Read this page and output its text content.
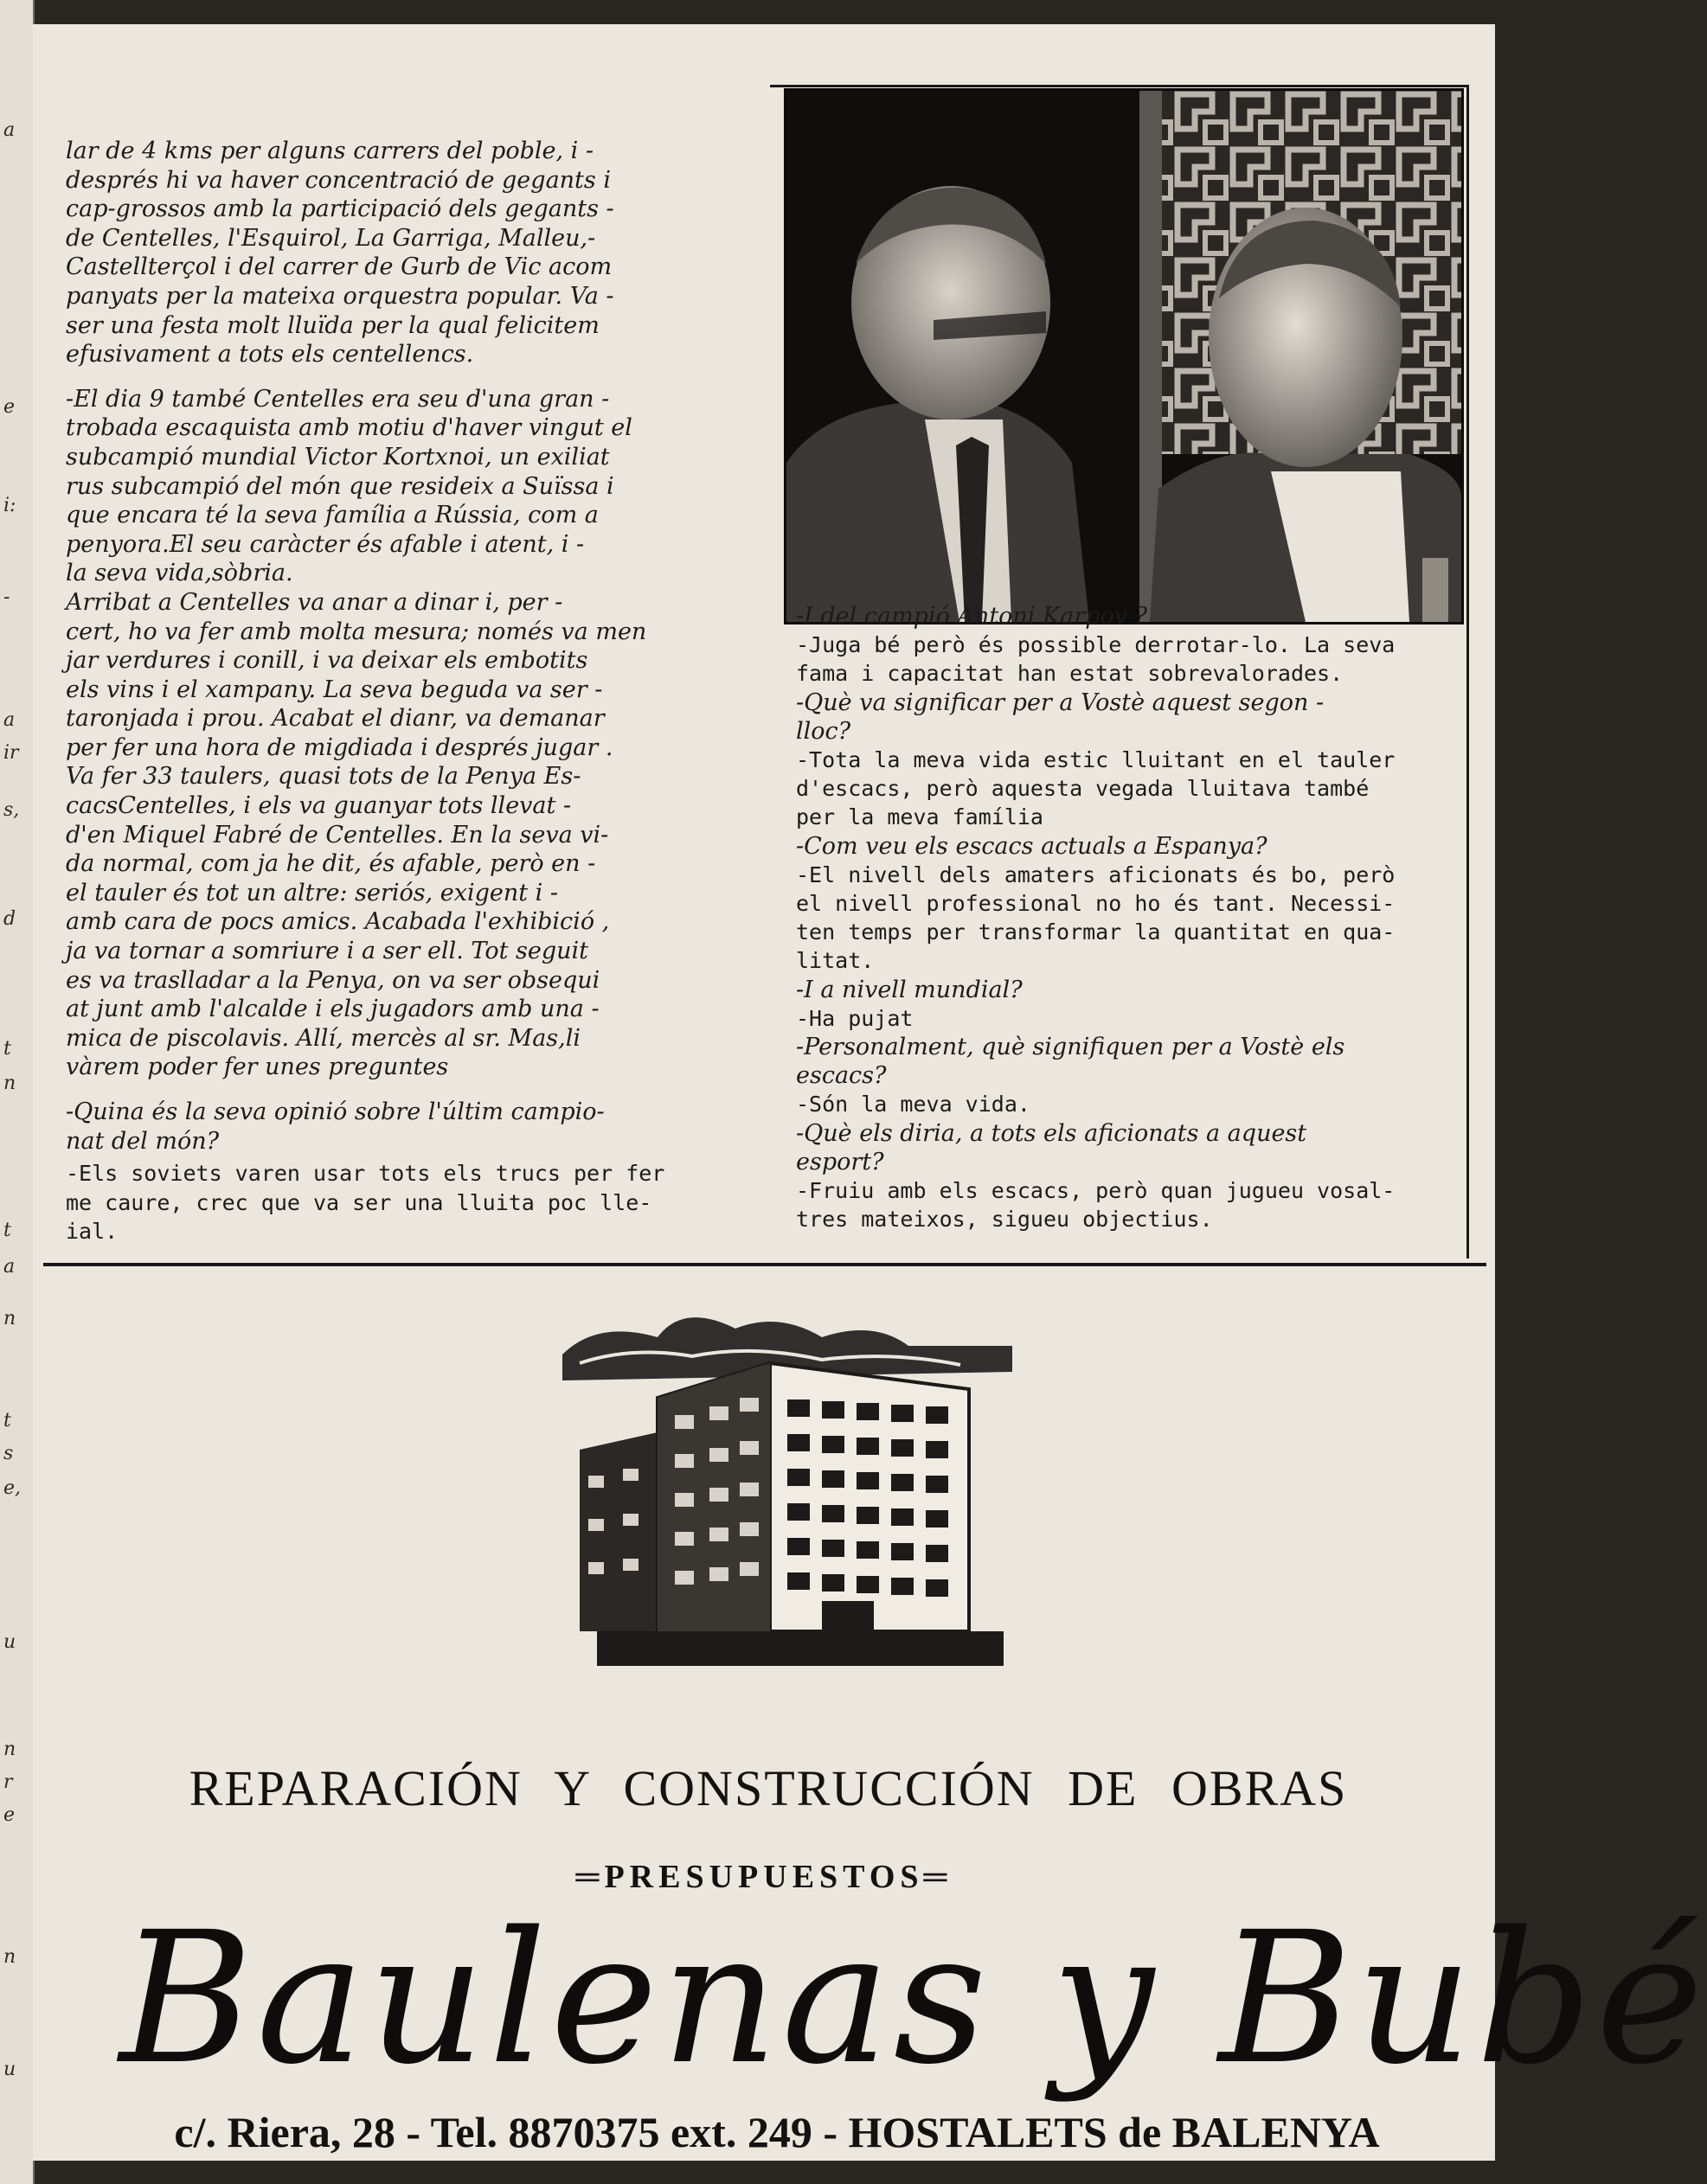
a
e
i:
-
a
ir
s,
d
t
n
t
a
n
t
s
e,
u
n
r
e
n
u

lar de 4 kms per alguns carrers del poble, i -
després hi va haver concentració de gegants i
cap-grossos amb la participació dels gegants -
de Centelles, l'Esquirol, La Garriga, Malleu,-
Castellterçol i del carrer de Gurb de Vic acom
panyats per la mateixa orquestra popular. Va -
ser una festa molt lluïda per la qual felicitem
efusivament a tots els centellencs.

-El dia 9 també Centelles era seu d'una gran -
trobada escaquista amb motiu d'haver vingut el
subcampió mundial Victor Kortxnoi, un exiliat
rus subcampió del món que resideix a Suïssa i
que encara té la seva família a Rússia, com a
penyora.El seu caràcter és afable i atent, i -
la seva vida,sòbria.
Arribat a Centelles va anar a dinar i, per -
cert, ho va fer amb molta mesura; només va men
jar verdures i conill, i va deixar els embotits
els vins i el xampany. La seva beguda va ser -
taronjada i prou. Acabat el dianr, va demanar
per fer una hora de migdiada i després jugar .
Va fer 33 taulers, quasi tots de la Penya Es-
cacsCentelles, i els va guanyar tots llevat -
d'en Miquel Fabré de Centelles. En la seva vi-
da normal, com ja he dit, és afable, però en -
el tauler és tot un altre: seriós, exigent i -
amb cara de pocs amics. Acabada l'exhibició ,
ja va tornar a somriure i a ser ell. Tot seguit
es va traslladar a la Penya, on va ser obsequi
at junt amb l'alcalde i els jugadors amb una -
mica de piscolavis. Allí, mercès al sr. Mas,li
vàrem poder fer unes preguntes

-Quina és la seva opinió sobre l'últim campio-
nat del món?

-Els soviets varen usar tots els trucs per fer
me caure, crec que va ser una lluita poc lle-
ial.

-I del campió Antoni Karpov ?

-Juga bé però és possible derrotar-lo. La seva
fama i capacitat han estat sobrevalorades.

-Què va significar per a Vostè aquest segon -
lloc?

-Tota la meva vida estic lluitant en el tauler
d'escacs, però aquesta vegada lluitava també
per la meva família

-Com veu els escacs actuals a Espanya?

-El nivell dels amaters aficionats és bo, però
el nivell professional no ho és tant. Necessi-
ten temps per transformar la quantitat en qua-
litat.

-I a nivell mundial?

-Ha pujat

-Personalment, què signifiquen per a Vostè els
escacs?

-Són la meva vida.

-Què els diria, a tots els aficionats a aquest
esport?

-Fruiu amb els escacs, però quan jugueu vosal-
tres mateixos, sigueu objectius.

REPARACIÓN Y CONSTRUCCIÓN DE OBRAS
═PRESUPUESTOS═
Baulenas y Bubé
c/. Riera, 28 - Tel. 8870375 ext. 249 - HOSTALETS de BALENYA
